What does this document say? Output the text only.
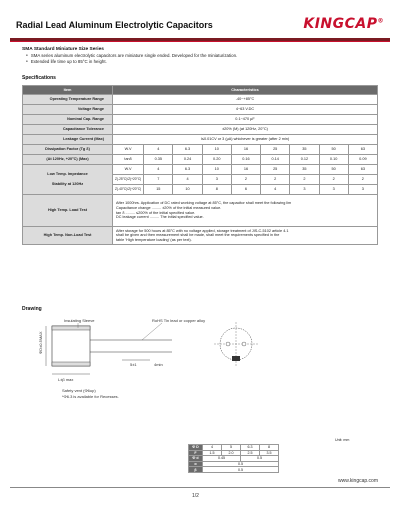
Radial Lead Aluminum Electrolytic Capacitors	KINGCAP®
SMA Standard Miniature Size Series
● SMA series aluminum electrolytic capacitors are miniature single ended. Developed for the miniaturization.
● Extended life time up to 85°C in height.
Specifications
Item	Characteristics								
Operating Temperature Range	-40~+85°C								
Voltage Range	4~63 V.DC								
Nominal Cap. Range	0.1~470 μF								
Capacitance Tolerance	±20% (M) (at 120Hz, 20°C)								
Leakage Current (Max)	I≤0.01CV or 3 (μA) whichever is greater (after 2 min)								
Dissipation Factor (Tg δ)	W.V	4	6.3	10	16	25	35	50	63
(At 120Hz, +20°C) (Max)	tanδ	0.35	0.24	0.20	0.16	0.14	0.12	0.10	0.09

Low Temp. Impedance
Stability at 120Hz	W.V	4	6.3	10	16	25	35	50	63
	Z(-25°C)/Z(+20°C)	7	4	3	2	2	2	2	2
	Z(-40°C)/Z(+20°C)	15	10	8	6	4	3	3	3
High Temp. Load Test	After 1000hrs. Application of DC rated working voltage at 85°C, the capacitor shall meet the following lim
Capacitance change ......... ±20% of the initial measured value.
tan δ ......... ≤200% of the initial specified value.
DC leakage current ......... The initial specified value.								

High Temp. Non-Load Test	After storage for 500 hours at 85°C with no voltage applied, storage treatment of JIS-C-5102 article 4.1
shall be given and then measurement shall be made, shall meet the requirements specified in the
table 'High temperature loading' (as per text).								
Drawing
ΦD±0.5MAX
L±β max
5±1	4min
Insulating Sleeve	RoHS Tin lead or copper alloy
Safety vent (Φ6up)
*Φ6.3 is available for Recesses.
Unit: mm
Φ D	4	5	6.3	8
F	1.5	2.0	2.5	3.5
Φ d	0.45		0.5	
α	0.5			
β	0.5			
www.kingcap.com
1/2
